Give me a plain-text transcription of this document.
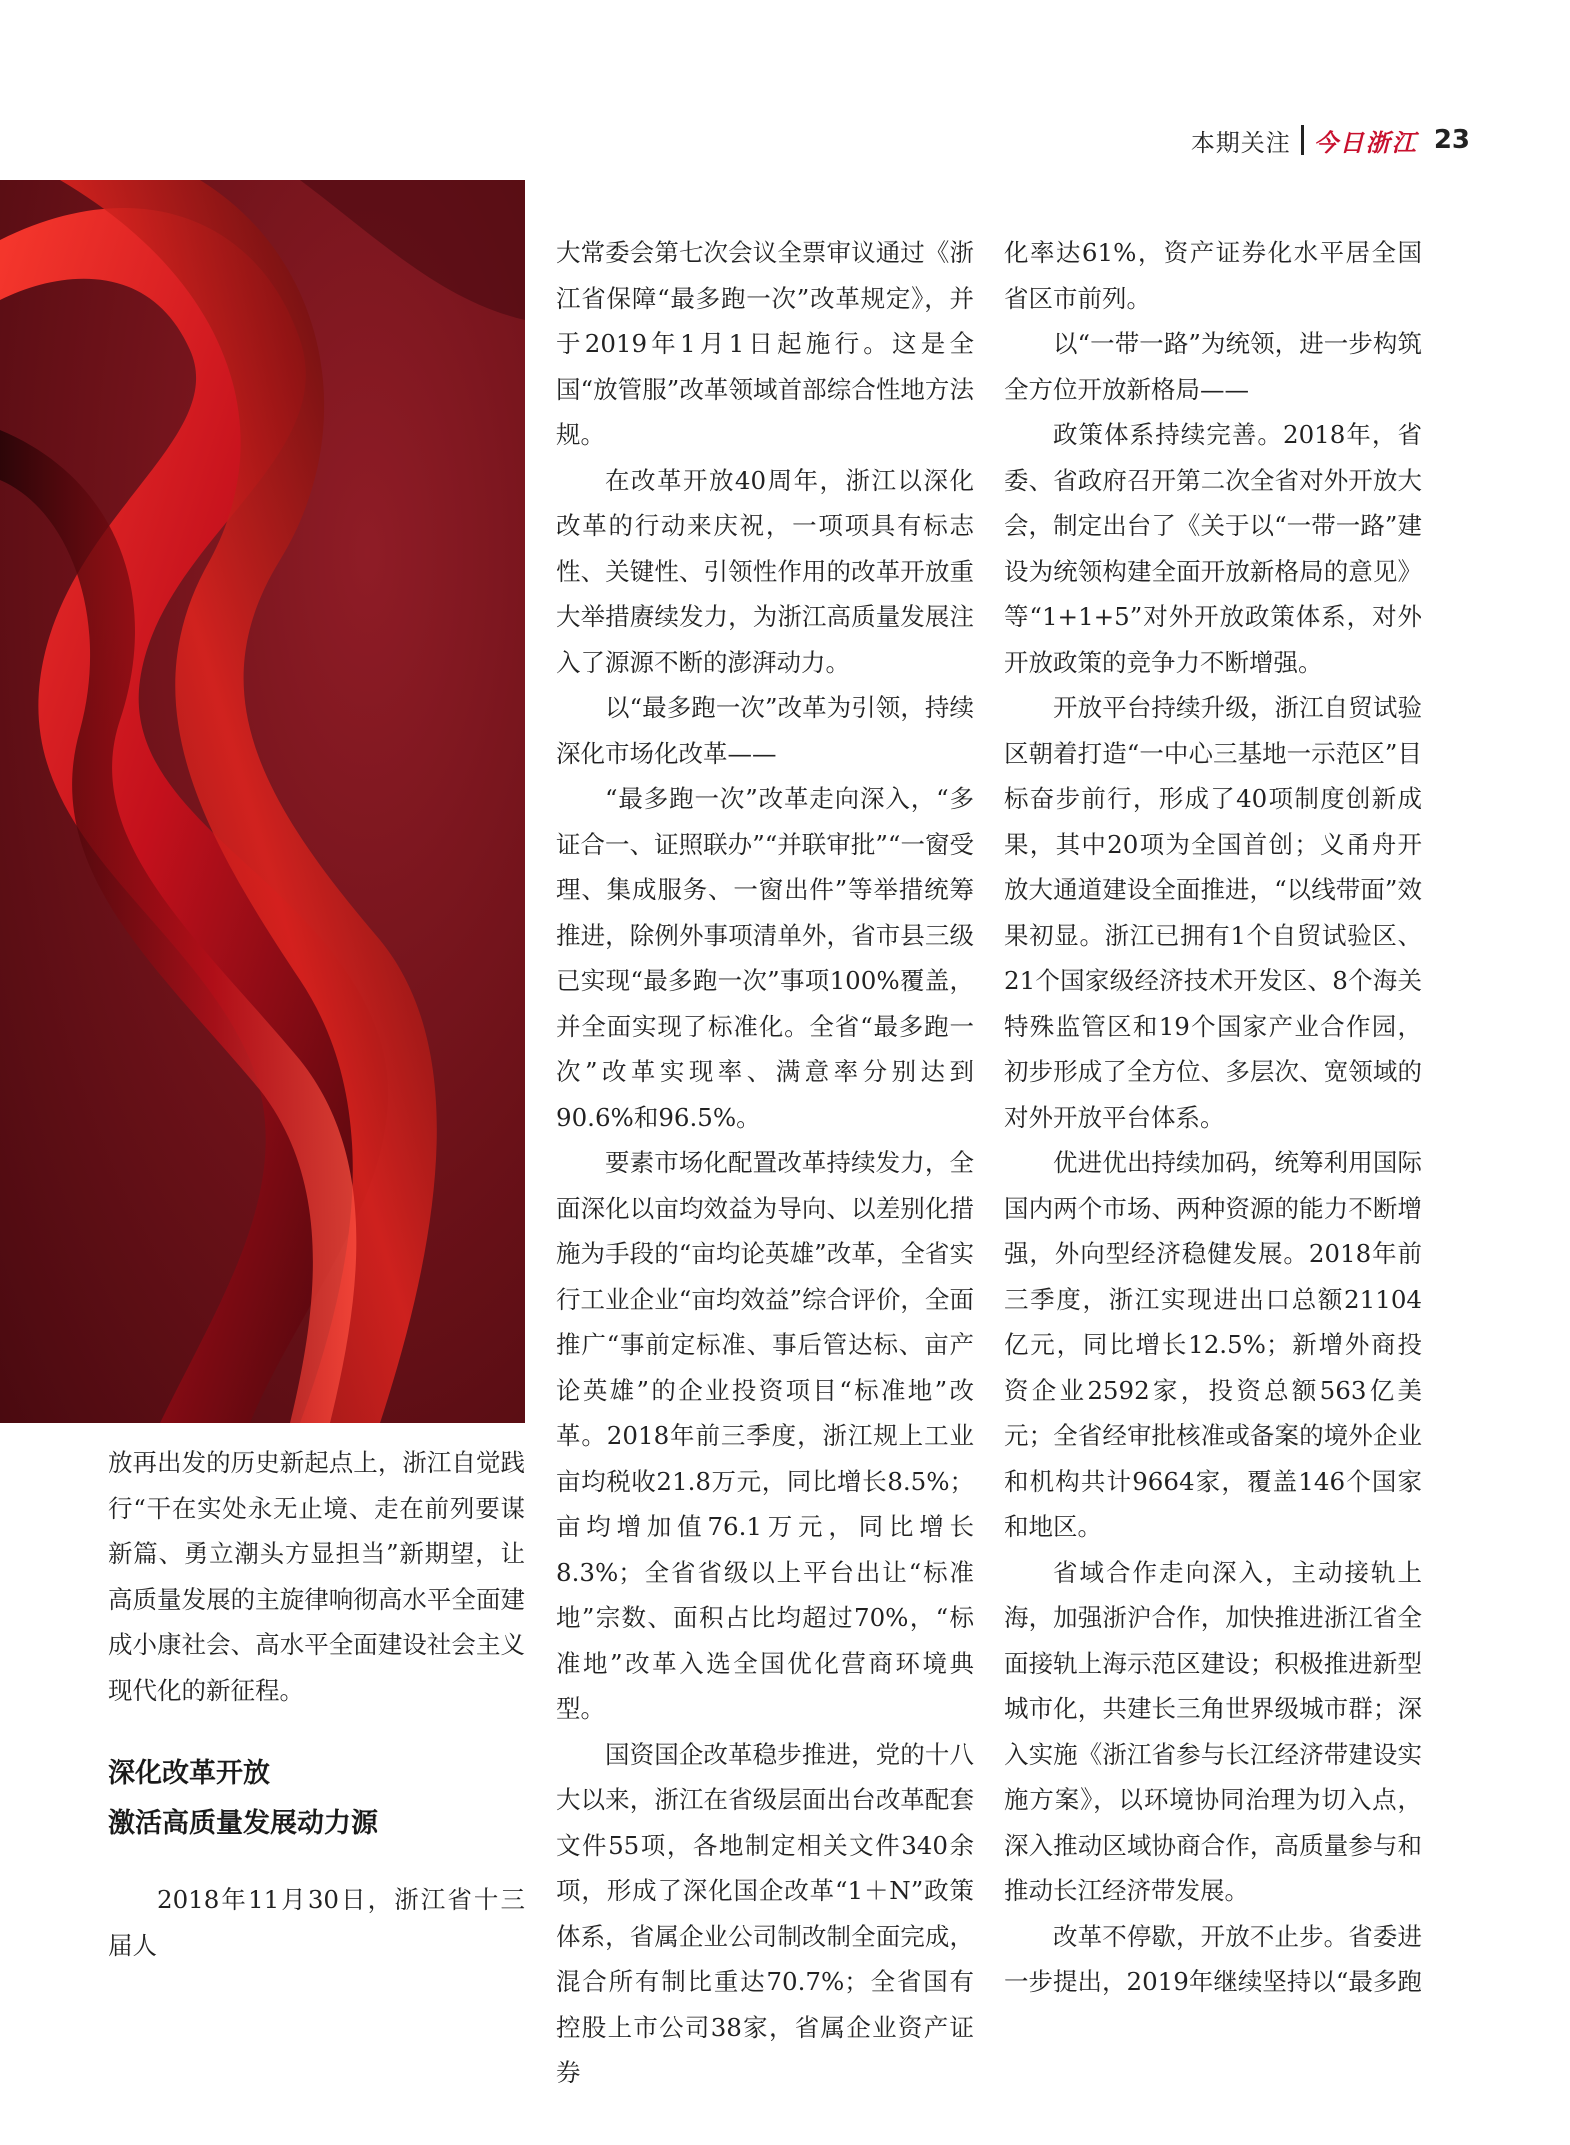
本期关注 今日浙江 23

放再出发的历史新起点上，浙江自觉践行“干在实处永无止境、走在前列要谋新篇、勇立潮头方显担当”新期望，让高质量发展的主旋律响彻高水平全面建成小康社会、高水平全面建设社会主义现代化的新征程。

深化改革开放

激活高质量发展动力源

2018年11月30日，浙江省十三届人

大常委会第七次会议全票审议通过《浙江省保障“最多跑一次”改革规定》，并于2019年1月1日起施行。这是全国“放管服”改革领域首部综合性地方法规。

在改革开放40周年，浙江以深化改革的行动来庆祝，一项项具有标志性、关键性、引领性作用的改革开放重大举措赓续发力，为浙江高质量发展注入了源源不断的澎湃动力。

以“最多跑一次”改革为引领，持续深化市场化改革——

“最多跑一次”改革走向深入，“多证合一、证照联办”“并联审批”“一窗受理、集成服务、一窗出件”等举措统筹推进，除例外事项清单外，省市县三级已实现“最多跑一次”事项100%覆盖，并全面实现了标准化。全省“最多跑一次”改革实现率、满意率分别达到90.6%和96.5%。

要素市场化配置改革持续发力，全面深化以亩均效益为导向、以差别化措施为手段的“亩均论英雄”改革，全省实行工业企业“亩均效益”综合评价，全面推广“事前定标准、事后管达标、亩产论英雄”的企业投资项目“标准地”改革。2018年前三季度，浙江规上工业亩均税收21.8万元，同比增长8.5%；亩均增加值76.1万元，同比增长8.3%；全省省级以上平台出让“标准地”宗数、面积占比均超过70%，“标准地”改革入选全国优化营商环境典型。

国资国企改革稳步推进，党的十八大以来，浙江在省级层面出台改革配套文件55项，各地制定相关文件340余项，形成了深化国企改革“1＋N”政策体系，省属企业公司制改制全面完成，混合所有制比重达70.7%；全省国有控股上市公司38家，省属企业资产证券

化率达61%，资产证券化水平居全国省区市前列。

以“一带一路”为统领，进一步构筑全方位开放新格局——

政策体系持续完善。2018年，省委、省政府召开第二次全省对外开放大会，制定出台了《关于以“一带一路”建设为统领构建全面开放新格局的意见》等“1+1+5”对外开放政策体系，对外开放政策的竞争力不断增强。

开放平台持续升级，浙江自贸试验区朝着打造“一中心三基地一示范区”目标奋步前行，形成了40项制度创新成果，其中20项为全国首创；义甬舟开放大通道建设全面推进，“以线带面”效果初显。浙江已拥有1个自贸试验区、21个国家级经济技术开发区、8个海关特殊监管区和19个国家产业合作园，初步形成了全方位、多层次、宽领域的对外开放平台体系。

优进优出持续加码，统筹利用国际国内两个市场、两种资源的能力不断增强，外向型经济稳健发展。2018年前三季度，浙江实现进出口总额21104亿元，同比增长12.5%；新增外商投资企业2592家，投资总额563亿美元；全省经审批核准或备案的境外企业和机构共计9664家，覆盖146个国家和地区。

省域合作走向深入，主动接轨上海，加强浙沪合作，加快推进浙江省全面接轨上海示范区建设；积极推进新型城市化，共建长三角世界级城市群；深入实施《浙江省参与长江经济带建设实施方案》，以环境协同治理为切入点，深入推动区域协商合作，高质量参与和推动长江经济带发展。

改革不停歇，开放不止步。省委进一步提出，2019年继续坚持以“最多跑
